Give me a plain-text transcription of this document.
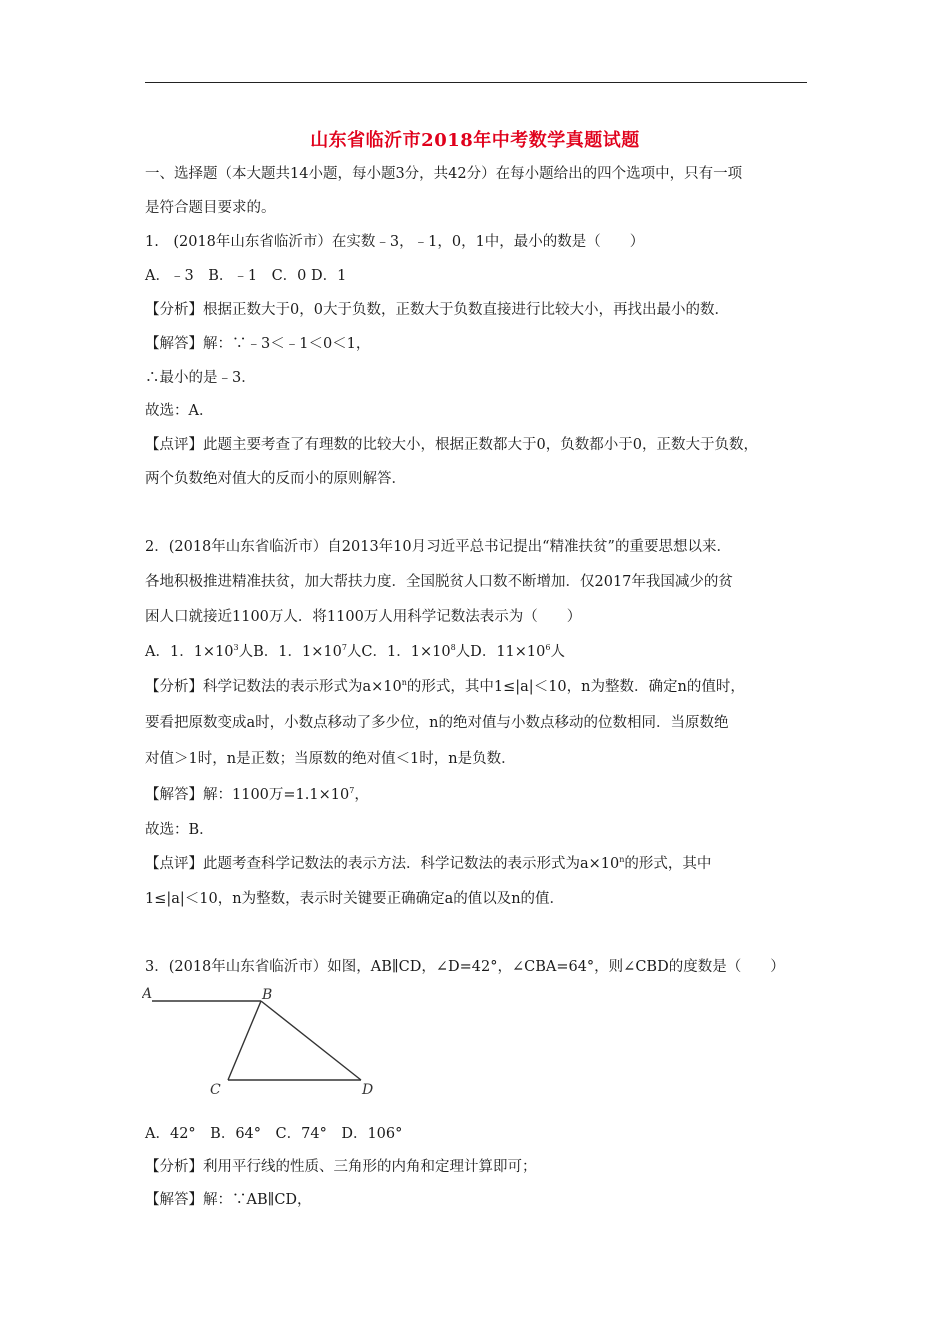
山东省临沂市2018年中考数学真题试题
一、选择题（本大题共14小题，每小题3分，共42分）在每小题给出的四个选项中，只有一项
是符合题目要求的。
1.　(2018年山东省临沂市）在实数﹣3，﹣1，0，1中，最小的数是（　　）
A．﹣3　B．﹣1　C．0 D．1
【分析】根据正数大于0，0大于负数，正数大于负数直接进行比较大小，再找出最小的数．
【解答】解：∵﹣3＜﹣1＜0＜1，
∴最小的是﹣3．
故选：A．
【点评】此题主要考查了有理数的比较大小，根据正数都大于0，负数都小于0，正数大于负数，
两个负数绝对值大的反而小的原则解答．
2．(2018年山东省临沂市）自2013年10月习近平总书记提出“精准扶贫”的重要思想以来．
各地积极推进精准扶贫，加大帮扶力度．全国脱贫人口数不断增加．仅2017年我国减少的贫
困人口就接近1100万人．将1100万人用科学记数法表示为（　　）
A．1．$1\times 10^3$人B．1．$1\times 10^7$人C．1．$1\times 10^8$人D．$11\times 10^6$人
【分析】科学记数法的表示形式为$a\times 10^n$的形式，其中1≤|a|＜10，n为整数．确定n的值时，
要看把原数变成a时，小数点移动了多少位，n的绝对值与小数点移动的位数相同．当原数绝
对值＞1时，n是正数；当原数的绝对值＜1时，n是负数．
【解答】解：1100万$=1.1\times 10^7$，
故选：B．
【点评】此题考查科学记数法的表示方法．科学记数法的表示形式为$a\times 10^n$的形式，其中
1≤|a|＜10，n为整数，表示时关键要正确确定a的值以及n的值．
3．(2018年山东省临沂市）如图，AB∥CD，∠D=42°，∠CBA=64°，则∠CBD的度数是（　　）
A	B
C	D
A．42°　B．64°　C．74°　D．106°
【分析】利用平行线的性质、三角形的内角和定理计算即可；
【解答】解：∵AB∥CD，
